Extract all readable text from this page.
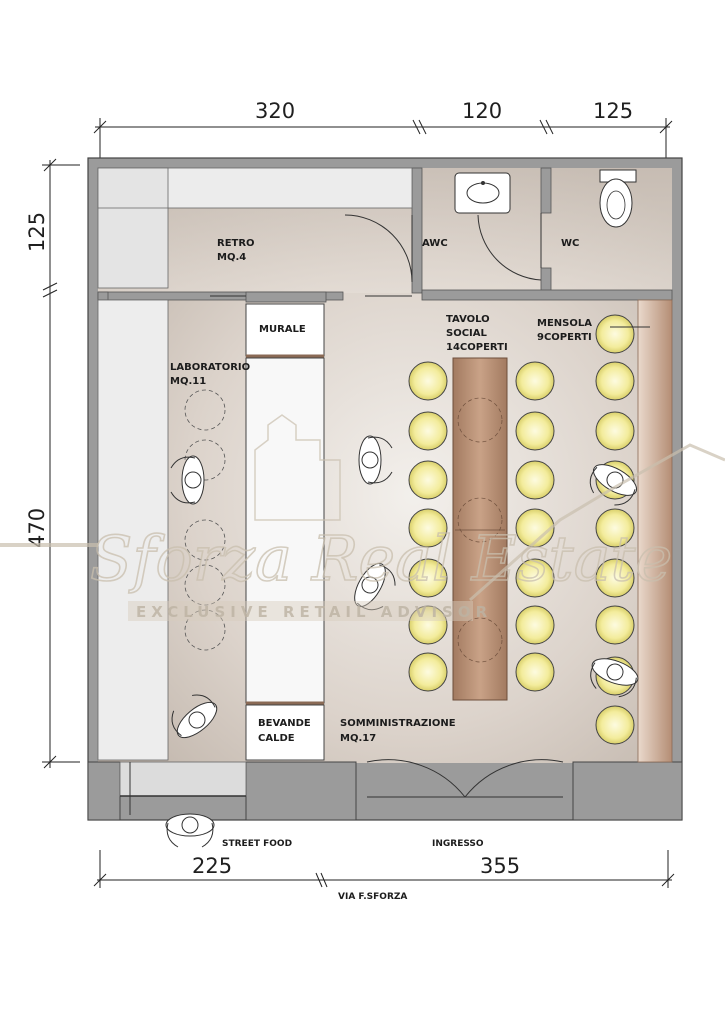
320	120	125
125
470
225	355
RETRO
MQ.4
AWC	WC
LABORATORIO
MQ.11
MURALE
TAVOLO
SOCIAL
14COPERTI
MENSOLA
9COPERTI
BEVANDE
CALDE
SOMMINISTRAZIONE
MQ.17
STREET FOOD	INGRESSO
VIA F.SFORZA
Sforza Real Estate
EXCLUSIVE RETAIL ADVISOR
